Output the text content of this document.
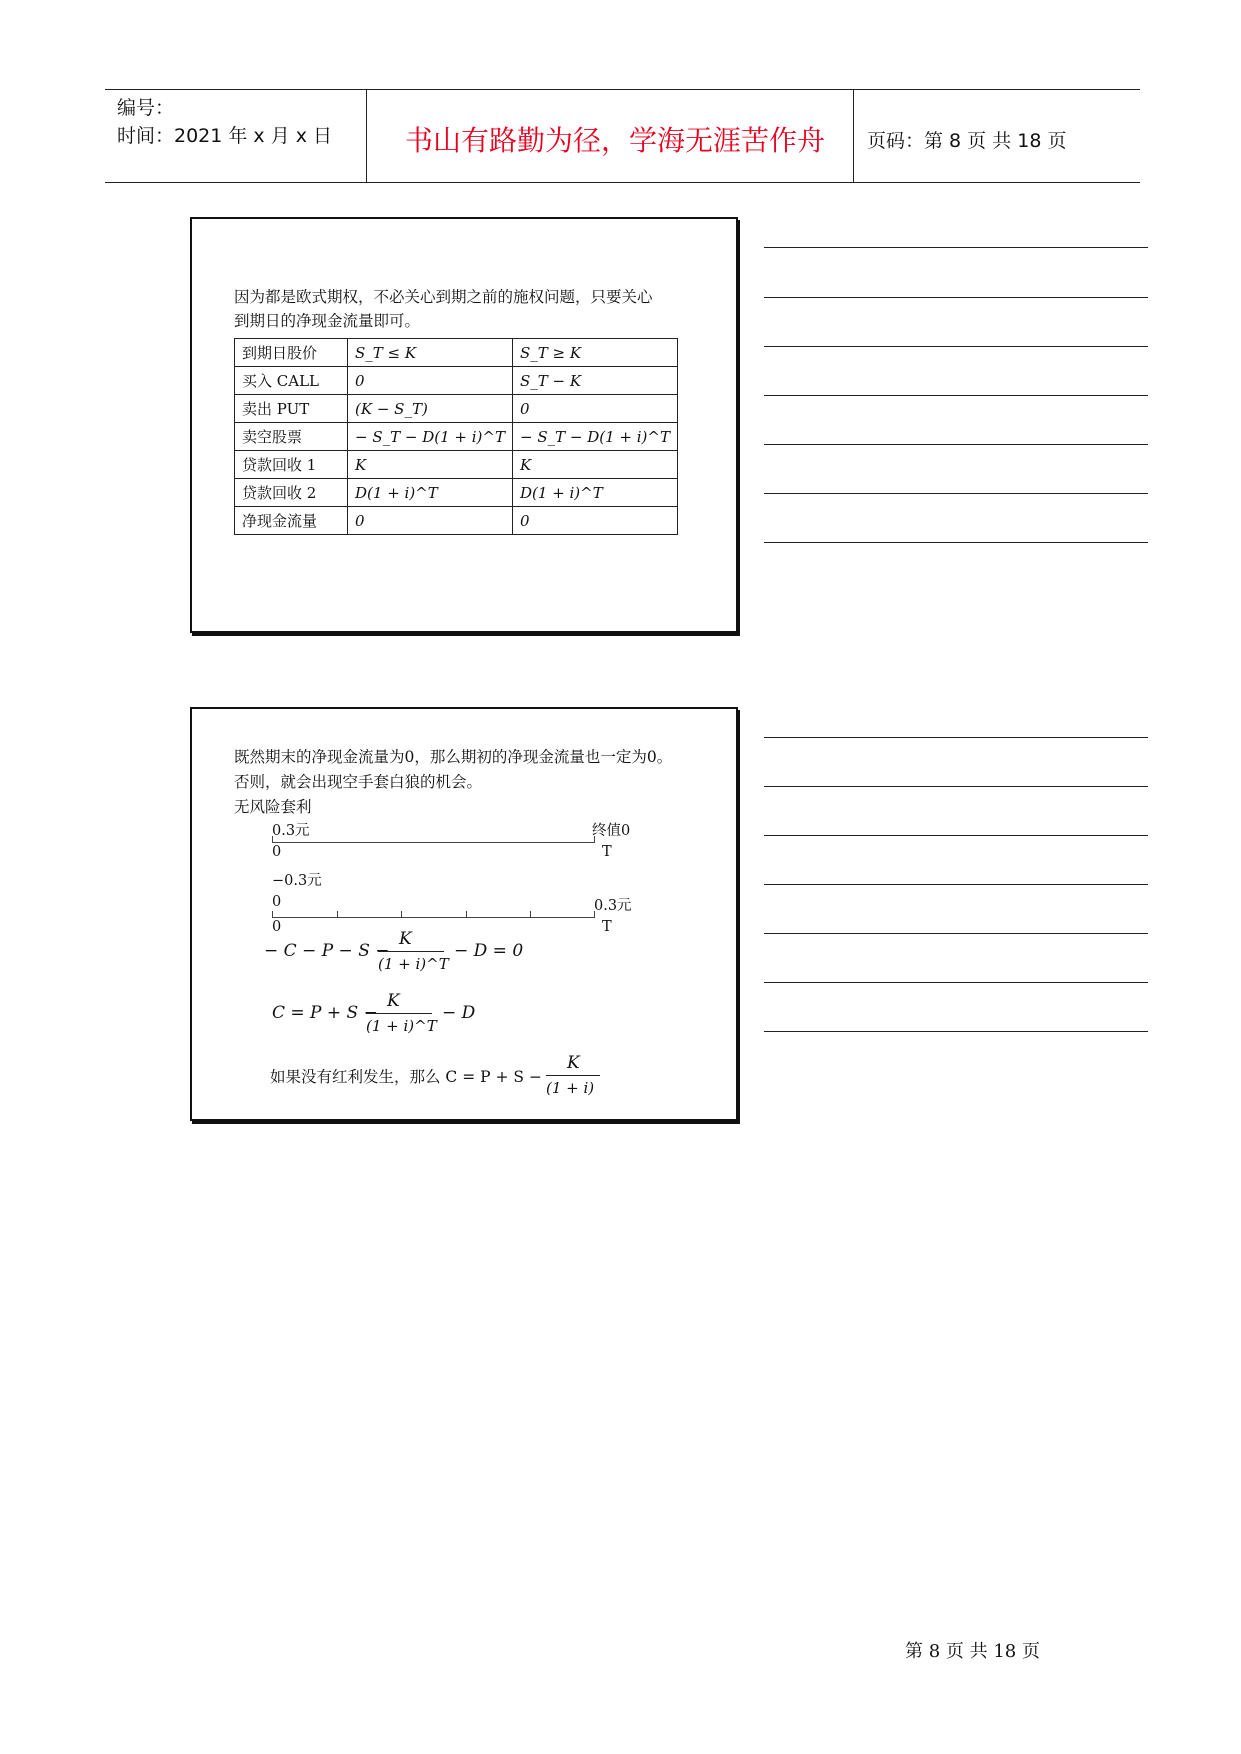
编号：
时间：2021 年 x 月 x 日	书山有路勤为径，学海无涯苦作舟	页码：第 8 页 共 18 页
因为都是欧式期权，不必关心到期之前的施权问题，只要关心
到期日的净现金流量即可。
到期日股价	S_T ≤ K	S_T ≥ K
买入 CALL	0	S_T − K
卖出 PUT	(K − S_T)	0
卖空股票	− S_T − D(1 + i)^T	− S_T − D(1 + i)^T
贷款回收 1	K	K
贷款回收 2	D(1 + i)^T	D(1 + i)^T
净现金流量	0	0
既然期末的净现金流量为0，那么期初的净现金流量也一定为0。
否则，就会出现空手套白狼的机会。
无风险套利
0.3元	终值0
0	T
−0.3元
0	0.3元
0	T
− C − P − S −
K
(1 + i)^T
− D = 0
C = P + S −
K
(1 + i)^T
− D
如果没有红利发生，那么 C = P + S −
K
(1 + i)
第 8 页 共 18 页
